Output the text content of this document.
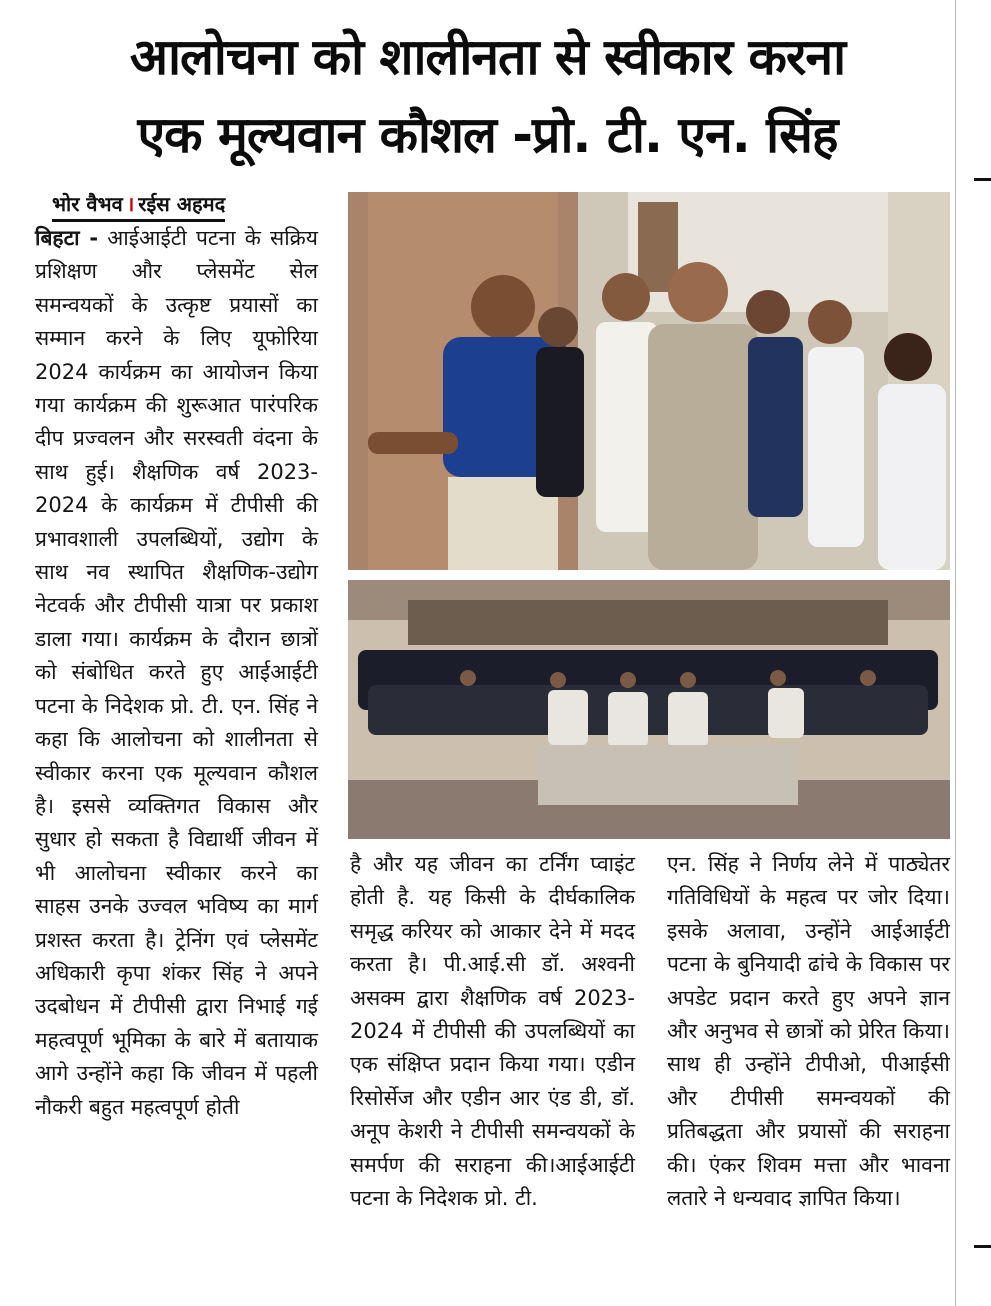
आलोचना को शालीनता से स्वीकार करना
एक मूल्यवान कौशल -प्रो. टी. एन. सिंह
भोर वैभव । रईस अहमद

बिहटा - आईआईटी पटना के सक्रिय प्रशिक्षण और प्लेसमेंट सेल समन्वयकों के उत्कृष्ट प्रयासों का सम्मान करने के लिए यूफोरिया 2024 कार्यक्रम का आयोजन किया गया कार्यक्रम की शुरूआत पारंपरिक दीप प्रज्वलन और सरस्वती वंदना के साथ हुई। शैक्षणिक वर्ष 2023-2024 के कार्यक्रम में टीपीसी की प्रभावशाली उपलब्धियों, उद्योग के साथ नव स्थापित शैक्षणिक-उद्योग नेटवर्क और टीपीसी यात्रा पर प्रकाश डाला गया। कार्यक्रम के दौरान छात्रों को संबोधित करते हुए आईआईटी पटना के निदेशक प्रो. टी. एन. सिंह ने कहा कि आलोचना को शालीनता से स्वीकार करना एक मूल्यवान कौशल है। इससे व्यक्तिगत विकास और सुधार हो सकता है विद्यार्थी जीवन में भी आलोचना स्वीकार करने का साहस उनके उज्वल भविष्य का मार्ग प्रशस्त करता है। ट्रेनिंग एवं प्लेसमेंट अधिकारी कृपा शंकर सिंह ने अपने उदबोधन में टीपीसी द्वारा निभाई गई महत्वपूर्ण भूमिका के बारे में बतायाक आगे उन्होंने कहा कि जीवन में पहली नौकरी बहुत महत्वपूर्ण होती

है और यह जीवन का टर्निंग प्वाइंट होती है. यह किसी के दीर्घकालिक समृद्ध करियर को आकार देने में मदद करता है। पी.आई.सी डॉ. अश्वनी असक्म द्वारा शैक्षणिक वर्ष 2023-2024 में टीपीसी की उपलब्धियों का एक संक्षिप्त प्रदान किया गया। एडीन रिसोर्सेज और एडीन आर एंड डी, डॉ. अनूप केशरी ने टीपीसी समन्वयकों के समर्पण की सराहना की।आईआईटी पटना के निदेशक प्रो. टी.

एन. सिंह ने निर्णय लेने में पाठ्येतर गतिविधियों के महत्व पर जोर दिया। इसके अलावा, उन्होंने आईआईटी पटना के बुनियादी ढांचे के विकास पर अपडेट प्रदान करते हुए अपने ज्ञान और अनुभव से छात्रों को प्रेरित किया। साथ ही उन्होंने टीपीओ, पीआईसी और टीपीसी समन्वयकों की प्रतिबद्धता और प्रयासों की सराहना की। एंकर शिवम मत्ता और भावना लतारे ने धन्यवाद ज्ञापित किया।
